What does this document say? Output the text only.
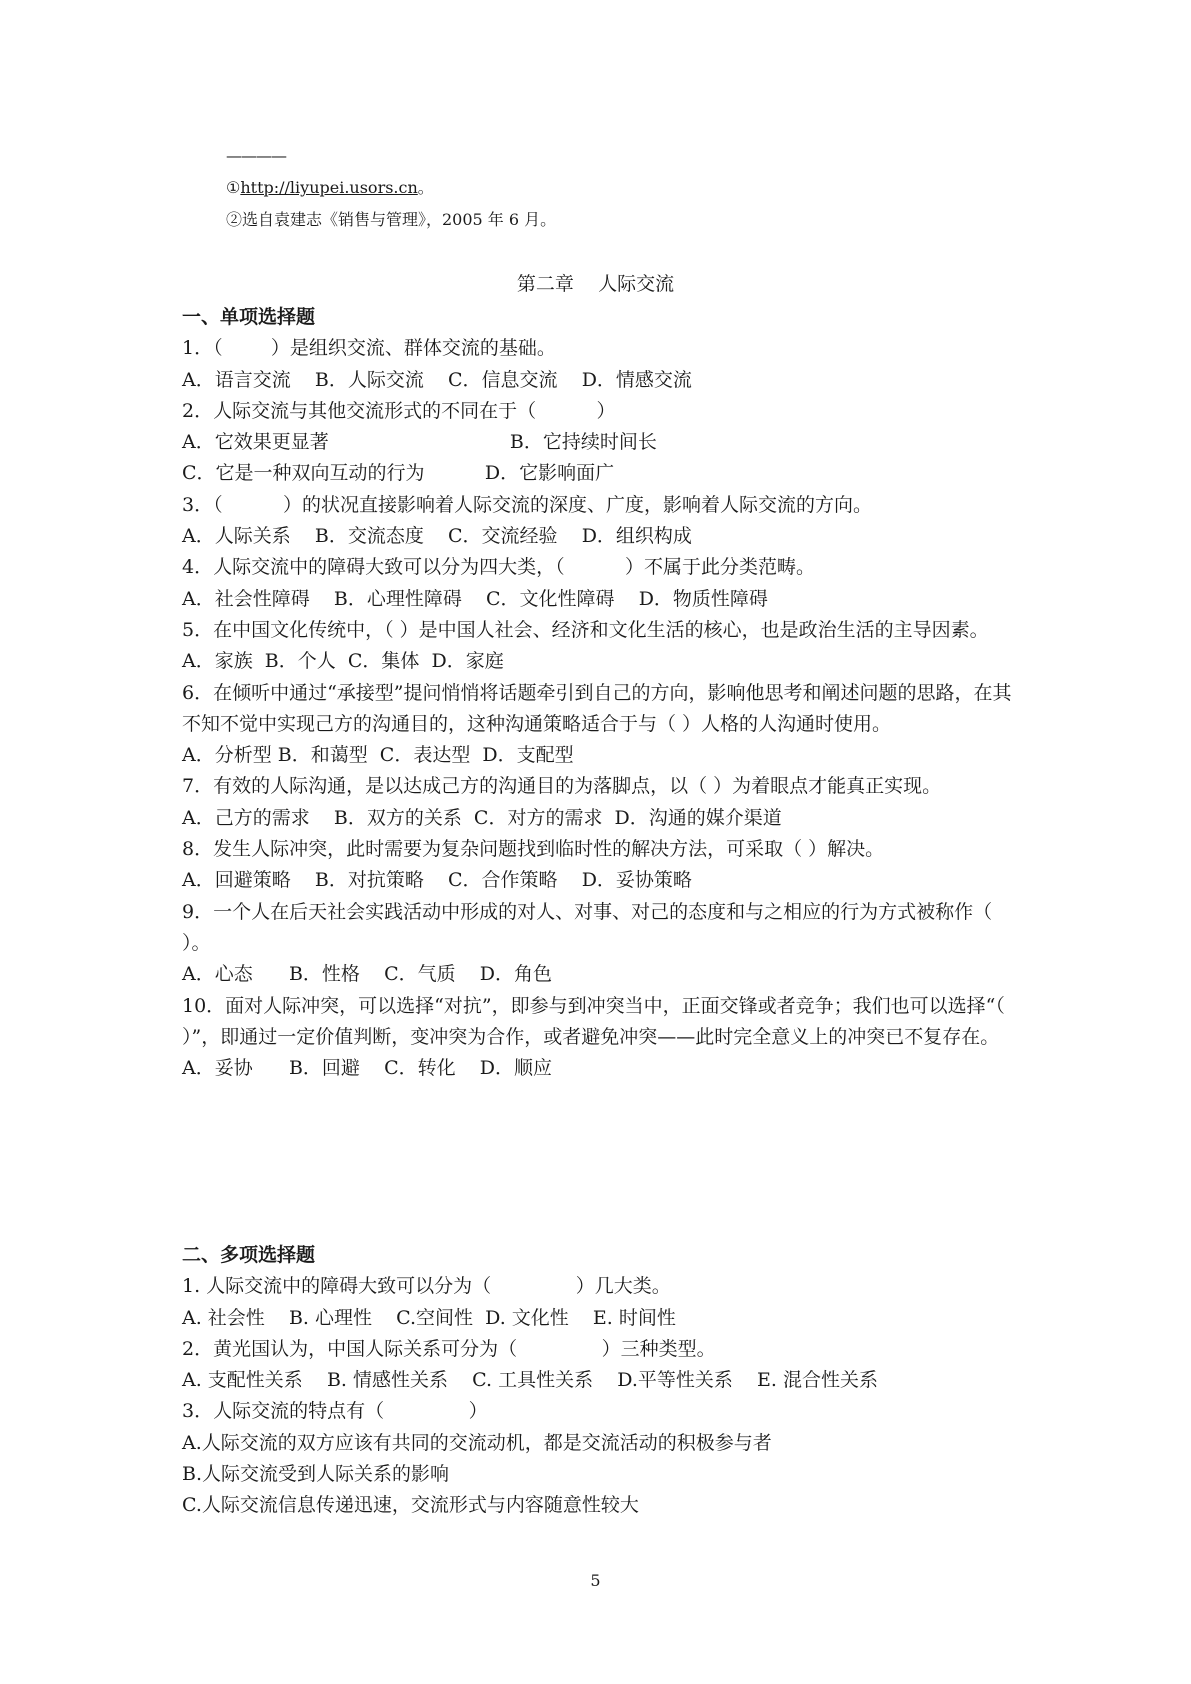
————
①http://liyupei.usors.cn。
②选自袁建志《销售与管理》，2005 年 6 月。
第二章    人际交流
一、单项选择题
1．（        ）是组织交流、群体交流的基础。
A．语言交流    B．人际交流    C．信息交流    D．情感交流
2．人际交流与其他交流形式的不同在于（          ）
A．它效果更显著                              B．它持续时间长
C．它是一种双向互动的行为          D．它影响面广
3．（          ）的状况直接影响着人际交流的深度、广度，影响着人际交流的方向。
A．人际关系    B．交流态度    C．交流经验    D．组织构成
4．人际交流中的障碍大致可以分为四大类，（          ）不属于此分类范畴。
A．社会性障碍    B．心理性障碍    C．文化性障碍    D．物质性障碍
5．在中国文化传统中，（ ）是中国人社会、经济和文化生活的核心，也是政治生活的主导因素。
A．家族  B．个人  C．集体  D．家庭
6．在倾听中通过“承接型”提问悄悄将话题牵引到自己的方向，影响他思考和阐述问题的思路，在其不知不觉中实现己方的沟通目的，这种沟通策略适合于与（ ）人格的人沟通时使用。
A．分析型 B．和蔼型  C．表达型  D．支配型
7．有效的人际沟通，是以达成己方的沟通目的为落脚点，以（ ）为着眼点才能真正实现。
A．己方的需求    B．双方的关系  C．对方的需求  D．沟通的媒介渠道
8．发生人际冲突，此时需要为复杂问题找到临时性的解决方法，可采取（ ）解决。
A．回避策略    B．对抗策略    C．合作策略    D．妥协策略
9．一个人在后天社会实践活动中形成的对人、对事、对己的态度和与之相应的行为方式被称作（ ）。
A．心态      B．性格    C．气质    D．角色
10．面对人际冲突，可以选择“对抗”，即参与到冲突当中，正面交锋或者竞争；我们也可以选择“（ ）”，即通过一定价值判断，变冲突为合作，或者避免冲突——此时完全意义上的冲突已不复存在。
A．妥协      B．回避    C．转化    D．顺应
二、多项选择题
1. 人际交流中的障碍大致可以分为（              ）几大类。
A. 社会性    B. 心理性    C.空间性  D. 文化性    E. 时间性
2．黄光国认为，中国人际关系可分为（              ）三种类型。
A. 支配性关系    B. 情感性关系    C. 工具性关系    D.平等性关系    E. 混合性关系
3．人际交流的特点有（              ）
A.人际交流的双方应该有共同的交流动机，都是交流活动的积极参与者
B.人际交流受到人际关系的影响
C.人际交流信息传递迅速，交流形式与内容随意性较大
5
